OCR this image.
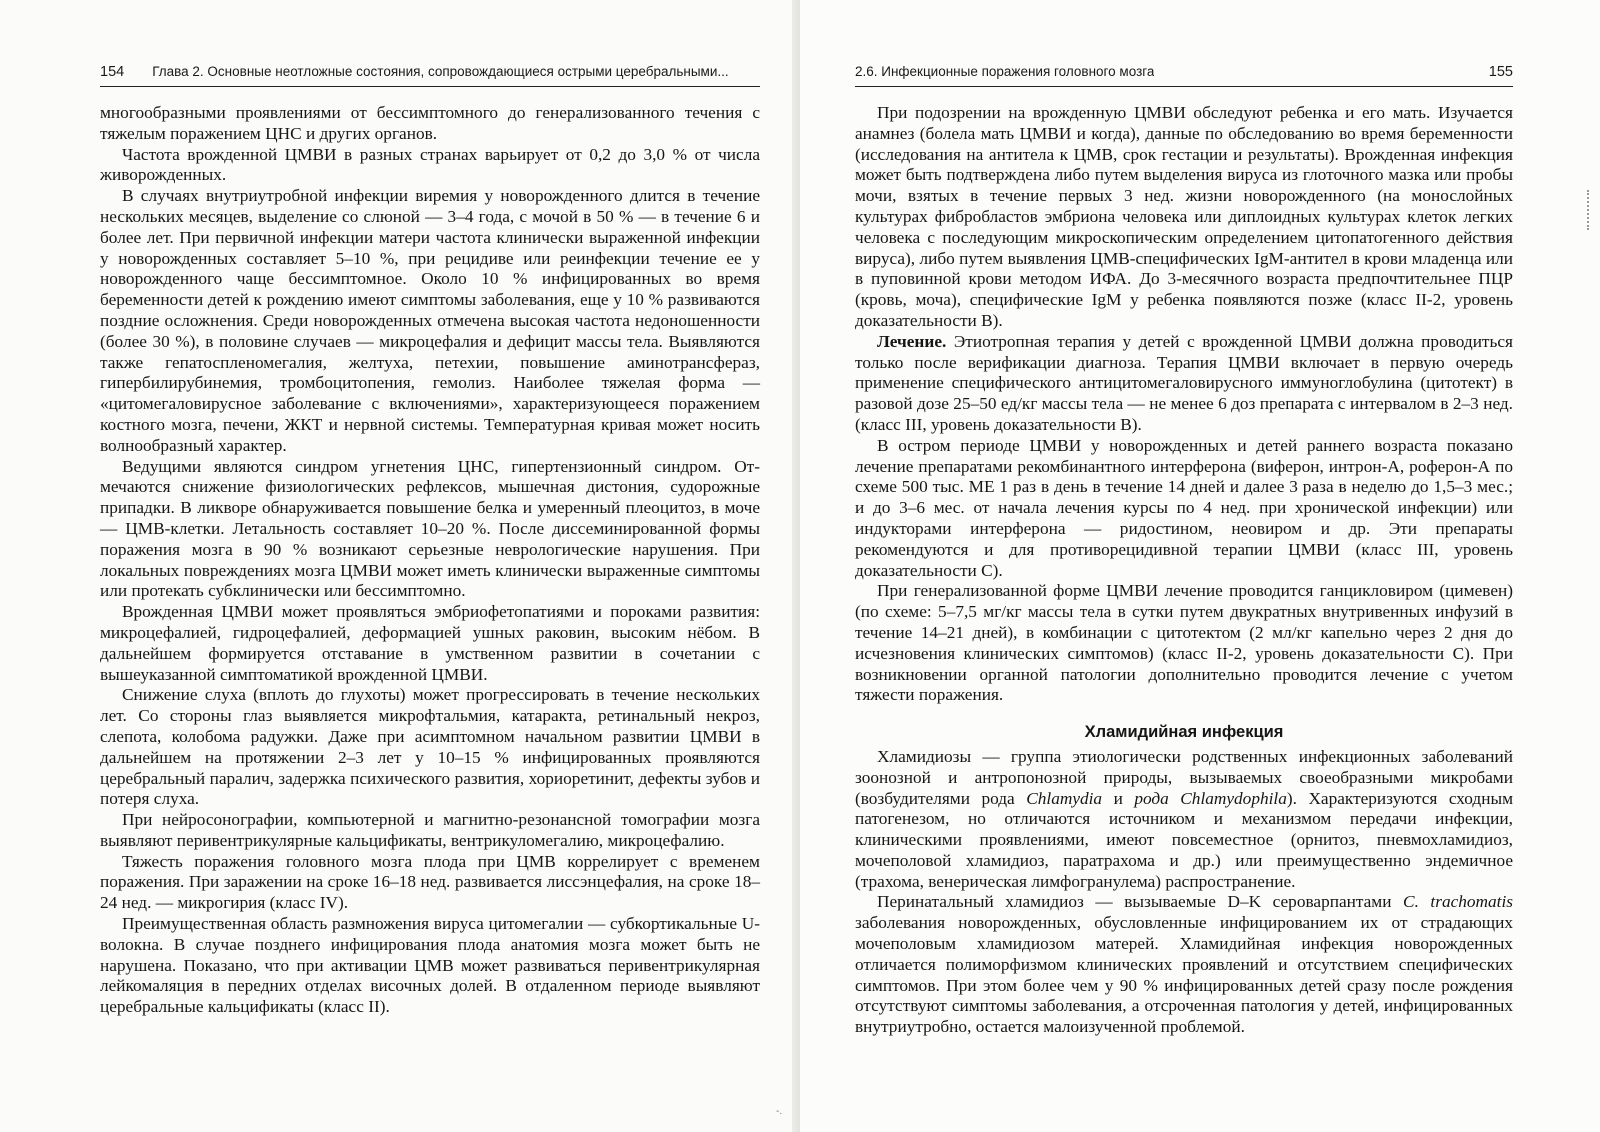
154 Глава 2. Основные неотложные состояния, сопровождающиеся острыми церебральными...

многообразными проявлениями от бессимптомного до генерализованного течения с тяжелым поражением ЦНС и других органов.

Частота врожденной ЦМВИ в разных странах варьирует от 0,2 до 3,0 % от числа живорожденных.

В случаях внутриутробной инфекции виремия у новорожденного длится в течение нескольких месяцев, выделение со слюной — 3–4 года, с мочой в 50 % — в течение 6 и более лет. При первичной инфекции матери частота клинически выраженной инфекции у новорожденных составляет 5–10 %, при рецидиве или реинфекции течение ее у новорожденного чаще бессимптомное. Около 10 % инфицированных во время беременности детей к рождению имеют симптомы заболевания, еще у 10 % развиваются поздние осложнения. Среди новорожденных отмечена высокая частота недоношенности (более 30 %), в половине случаев — микроцефалия и дефицит массы тела. Выявляются также гепатоспленомегалия, желтуха, петехии, повышение аминотрансфераз, гипербилирубинемия, тромбоцитопения, гемолиз. Наиболее тяжелая форма — «цитомегаловирусное заболевание с включениями», характеризующееся поражением костного мозга, печени, ЖКТ и нервной системы. Температурная кривая может носить волнообразный характер.

Ведущими являются синдром угнетения ЦНС, гипертензионный синдром. Отмечаются снижение физиологических рефлексов, мышечная дистония, судорожные припадки. В ликворе обнаруживается повышение белка и умеренный плеоцитоз, в моче — ЦМВ-клетки. Летальность составляет 10–20 %. После диссеминированной формы поражения мозга в 90 % возникают серьезные неврологические нарушения. При локальных повреждениях мозга ЦМВИ может иметь клинически выраженные симптомы или протекать субклинически или бессимптомно.

Врожденная ЦМВИ может проявляться эмбриофетопатиями и пороками развития: микроцефалией, гидроцефалией, деформацией ушных раковин, высоким нёбом. В дальнейшем формируется отставание в умственном развитии в сочетании с вышеуказанной симптоматикой врожденной ЦМВИ.

Снижение слуха (вплоть до глухоты) может прогрессировать в течение нескольких лет. Со стороны глаз выявляется микрофтальмия, катаракта, ретинальный некроз, слепота, колобома радужки. Даже при асимптомном начальном развитии ЦМВИ в дальнейшем на протяжении 2–3 лет у 10–15 % инфицированных проявляются церебральный паралич, задержка психического развития, хориоретинит, дефекты зубов и потеря слуха.

При нейросонографии, компьютерной и магнитно-резонансной томографии мозга выявляют перивентрикулярные кальцификаты, вентрикуломегалию, микроцефалию.

Тяжесть поражения головного мозга плода при ЦМВ коррелирует с временем поражения. При заражении на сроке 16–18 нед. развивается лиссэнцефалия, на сроке 18–24 нед. — микрогирия (класс IV).

Преимущественная область размножения вируса цитомегалии — субкортикальные U-волокна. В случае позднего инфицирования плода анатомия мозга может быть не нарушена. Показано, что при активации ЦМВ может развиваться перивентрикулярная лейкомаляция в передних отделах височных долей. В отдаленном периоде выявляют церебральные кальцификаты (класс II).

2.6. Инфекционные поражения головного мозга	155

При подозрении на врожденную ЦМВИ обследуют ребенка и его мать. Изучается анамнез (болела мать ЦМВИ и когда), данные по обследованию во время беременности (исследования на антитела к ЦМВ, срок гестации и результаты). Врожденная инфекция может быть подтверждена либо путем выделения вируса из глоточного мазка или пробы мочи, взятых в течение первых 3 нед. жизни новорожденного (на монослойных культурах фибробластов эмбриона человека или диплоидных культурах клеток легких человека с последующим микроскопическим определением цитопатогенного действия вируса), либо путем выявления ЦМВ-специфических IgM-антител в крови младенца или в пуповинной крови методом ИФА. До 3-месячного возраста предпочтительнее ПЦР (кровь, моча), специфические IgM у ребенка появляются позже (класс II-2, уровень доказательности В).

Лечение. Этиотропная терапия у детей с врожденной ЦМВИ должна проводиться только после верификации диагноза. Терапия ЦМВИ включает в первую очередь применение специфического антицитомегаловирусного иммуноглобулина (цитотект) в разовой дозе 25–50 ед/кг массы тела — не менее 6 доз препарата с интервалом в 2–3 нед. (класс III, уровень доказательности В).

В остром периоде ЦМВИ у новорожденных и детей раннего возраста показано лечение препаратами рекомбинантного интерферона (виферон, интрон-А, роферон-А по схеме 500 тыс. МЕ 1 раз в день в течение 14 дней и далее 3 раза в неделю до 1,5–3 мес.; и до 3–6 мес. от начала лечения курсы по 4 нед. при хронической инфекции) или индукторами интерферона — ридостином, неовиром и др. Эти препараты рекомендуются и для противорецидивной терапии ЦМВИ (класс III, уровень доказательности С).

При генерализованной форме ЦМВИ лечение проводится ганцикловиром (цимевен) (по схеме: 5–7,5 мг/кг массы тела в сутки путем двукратных внутривенных инфузий в течение 14–21 дней), в комбинации с цитотектом (2 мл/кг капельно через 2 дня до исчезновения клинических симптомов) (класс II-2, уровень доказательности С). При возникновении органной патологии дополнительно проводится лечение с учетом тяжести поражения.

Хламидийная инфекция

Хламидиозы — группа этиологически родственных инфекционных заболеваний зоонозной и антропонозной природы, вызываемых своеобразными микробами (возбудителями рода Chlamydia и рода Chlamydophila). Характеризуются сходным патогенезом, но отличаются источником и механизмом передачи инфекции, клиническими проявлениями, имеют повсеместное (орнитоз, пневмохламидиоз, мочеполовой хламидиоз, паратрахома и др.) или преимущественно эндемичное (трахома, венерическая лимфогранулема) распространение.

Перинатальный хламидиоз — вызываемые D–K сероварпантами C. trachomatis заболевания новорожденных, обусловленные инфицированием их от страдающих мочеполовым хламидиозом матерей. Хламидийная инфекция новорожденных отличается полиморфизмом клинических проявлений и отсутствием специфических симптомов. При этом более чем у 90 % инфицированных детей сразу после рождения отсутствуют симптомы заболевания, а отсроченная патология у детей, инфицированных внутриутробно, остается малоизученной проблемой.

-.
